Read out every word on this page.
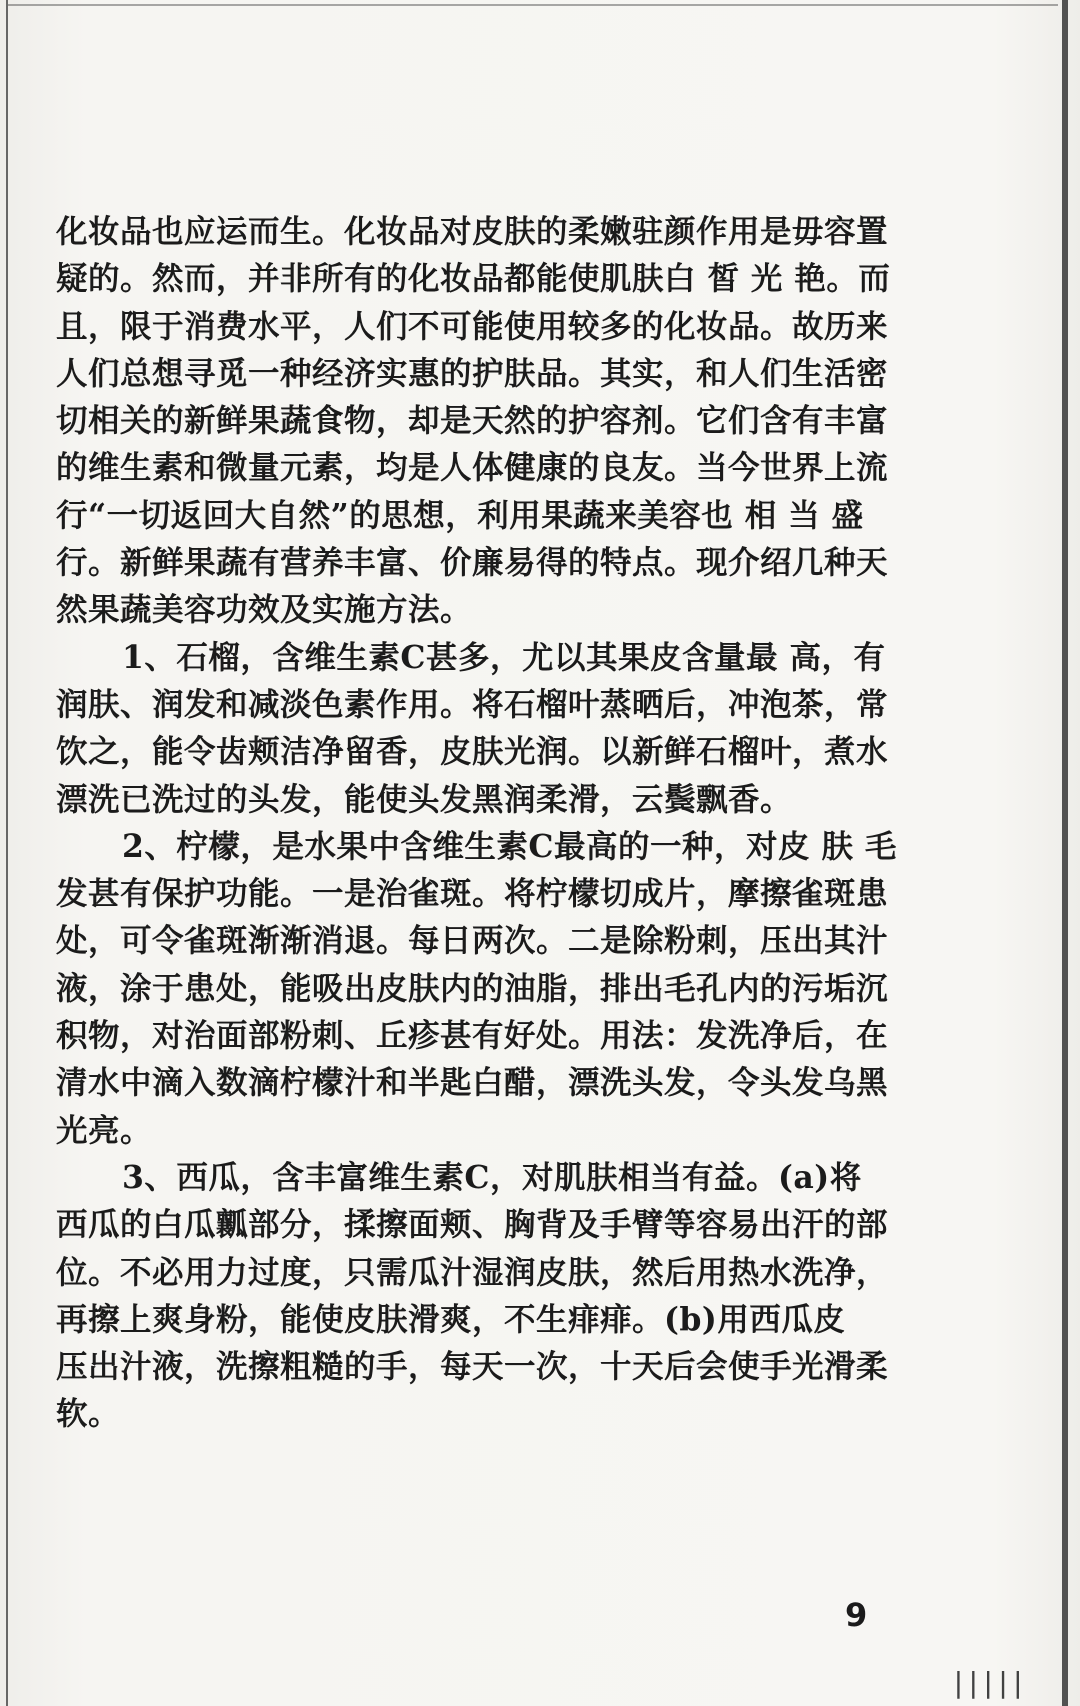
化妆品也应运而生。化妆品对皮肤的柔嫩驻颜作用是毋容置
疑的。然而，并非所有的化妆品都能使肌肤白 皙 光 艳。而
且，限于消费水平，人们不可能使用较多的化妆品。故历来
人们总想寻觅一种经济实惠的护肤品。其实，和人们生活密
切相关的新鲜果蔬食物，却是天然的护容剂。它们含有丰富
的维生素和微量元素，均是人体健康的良友。当今世界上流
行“一切返回大自然”的思想，利用果蔬来美容也 相 当 盛
行。新鲜果蔬有营养丰富、价廉易得的特点。现介绍几种天
然果蔬美容功效及实施方法。
1、石榴，含维生素C甚多，尤以其果皮含量最 高，有
润肤、润发和减淡色素作用。将石榴叶蒸晒后，冲泡茶，常
饮之，能令齿颊洁净留香，皮肤光润。以新鲜石榴叶，煮水
漂洗已洗过的头发，能使头发黑润柔滑，云鬓飘香。
2、柠檬，是水果中含维生素C最高的一种，对皮 肤 毛
发甚有保护功能。一是治雀斑。将柠檬切成片，摩擦雀斑患
处，可令雀斑渐渐消退。每日两次。二是除粉刺，压出其汁
液，涂于患处，能吸出皮肤内的油脂，排出毛孔内的污垢沉
积物，对治面部粉刺、丘疹甚有好处。用法：发洗净后，在
清水中滴入数滴柠檬汁和半匙白醋，漂洗头发，令头发乌黑
光亮。
3、西瓜，含丰富维生素C，对肌肤相当有益。(a)将
西瓜的白瓜瓤部分，揉擦面颊、胸背及手臂等容易出汗的部
位。不必用力过度，只需瓜汁湿润皮肤，然后用热水洗净，
再擦上爽身粉，能使皮肤滑爽，不生痱痱。(b)用西瓜皮
压出汁液，洗擦粗糙的手，每天一次，十天后会使手光滑柔
软。
9
|||||
